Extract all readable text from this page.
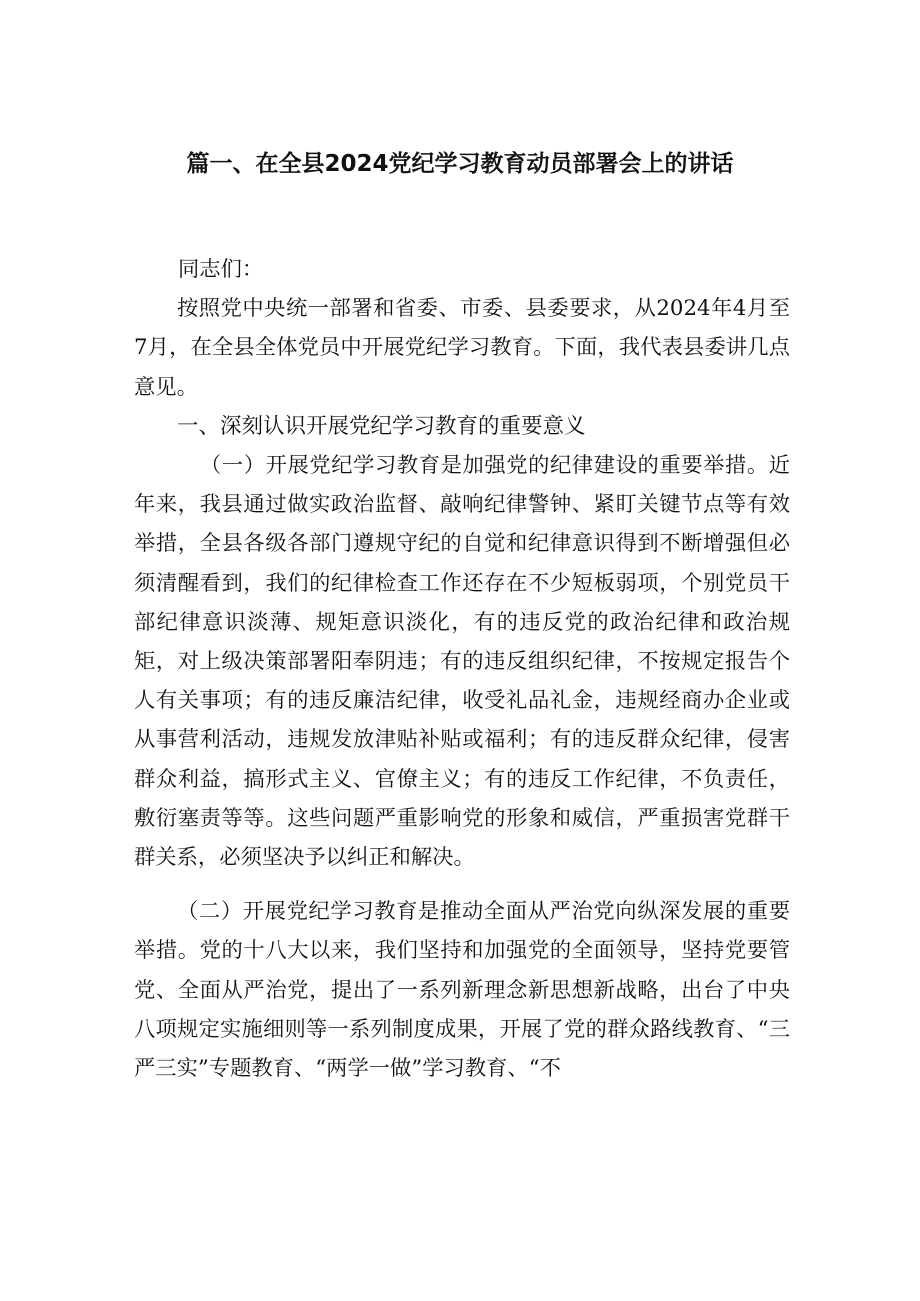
篇一、在全县2024党纪学习教育动员部署会上的讲话

同志们：

按照党中央统一部署和省委、市委、县委要求，从2024年4月至7月，在全县全体党员中开展党纪学习教育。下面，我代表县委讲几点意见。

一、深刻认识开展党纪学习教育的重要意义

（一）开展党纪学习教育是加强党的纪律建设的重要举措。近年来，我县通过做实政治监督、敲响纪律警钟、紧盯关键节点等有效举措，全县各级各部门遵规守纪的自觉和纪律意识得到不断增强但必须清醒看到，我们的纪律检查工作还存在不少短板弱项，个别党员干部纪律意识淡薄、规矩意识淡化，有的违反党的政治纪律和政治规矩，对上级决策部署阳奉阴违；有的违反组织纪律，不按规定报告个人有关事项；有的违反廉洁纪律，收受礼品礼金，违规经商办企业或从事营利活动，违规发放津贴补贴或福利；有的违反群众纪律，侵害群众利益，搞形式主义、官僚主义；有的违反工作纪律，不负责任，敷衍塞责等等。这些问题严重影响党的形象和威信，严重损害党群干群关系，必须坚决予以纠正和解决。

（二）开展党纪学习教育是推动全面从严治党向纵深发展的重要举措。党的十八大以来，我们坚持和加强党的全面领导，坚持党要管党、全面从严治党，提出了一系列新理念新思想新战略，出台了中央八项规定实施细则等一系列制度成果，开展了党的群众路线教育、“三严三实”专题教育、“两学一做”学习教育、“不
